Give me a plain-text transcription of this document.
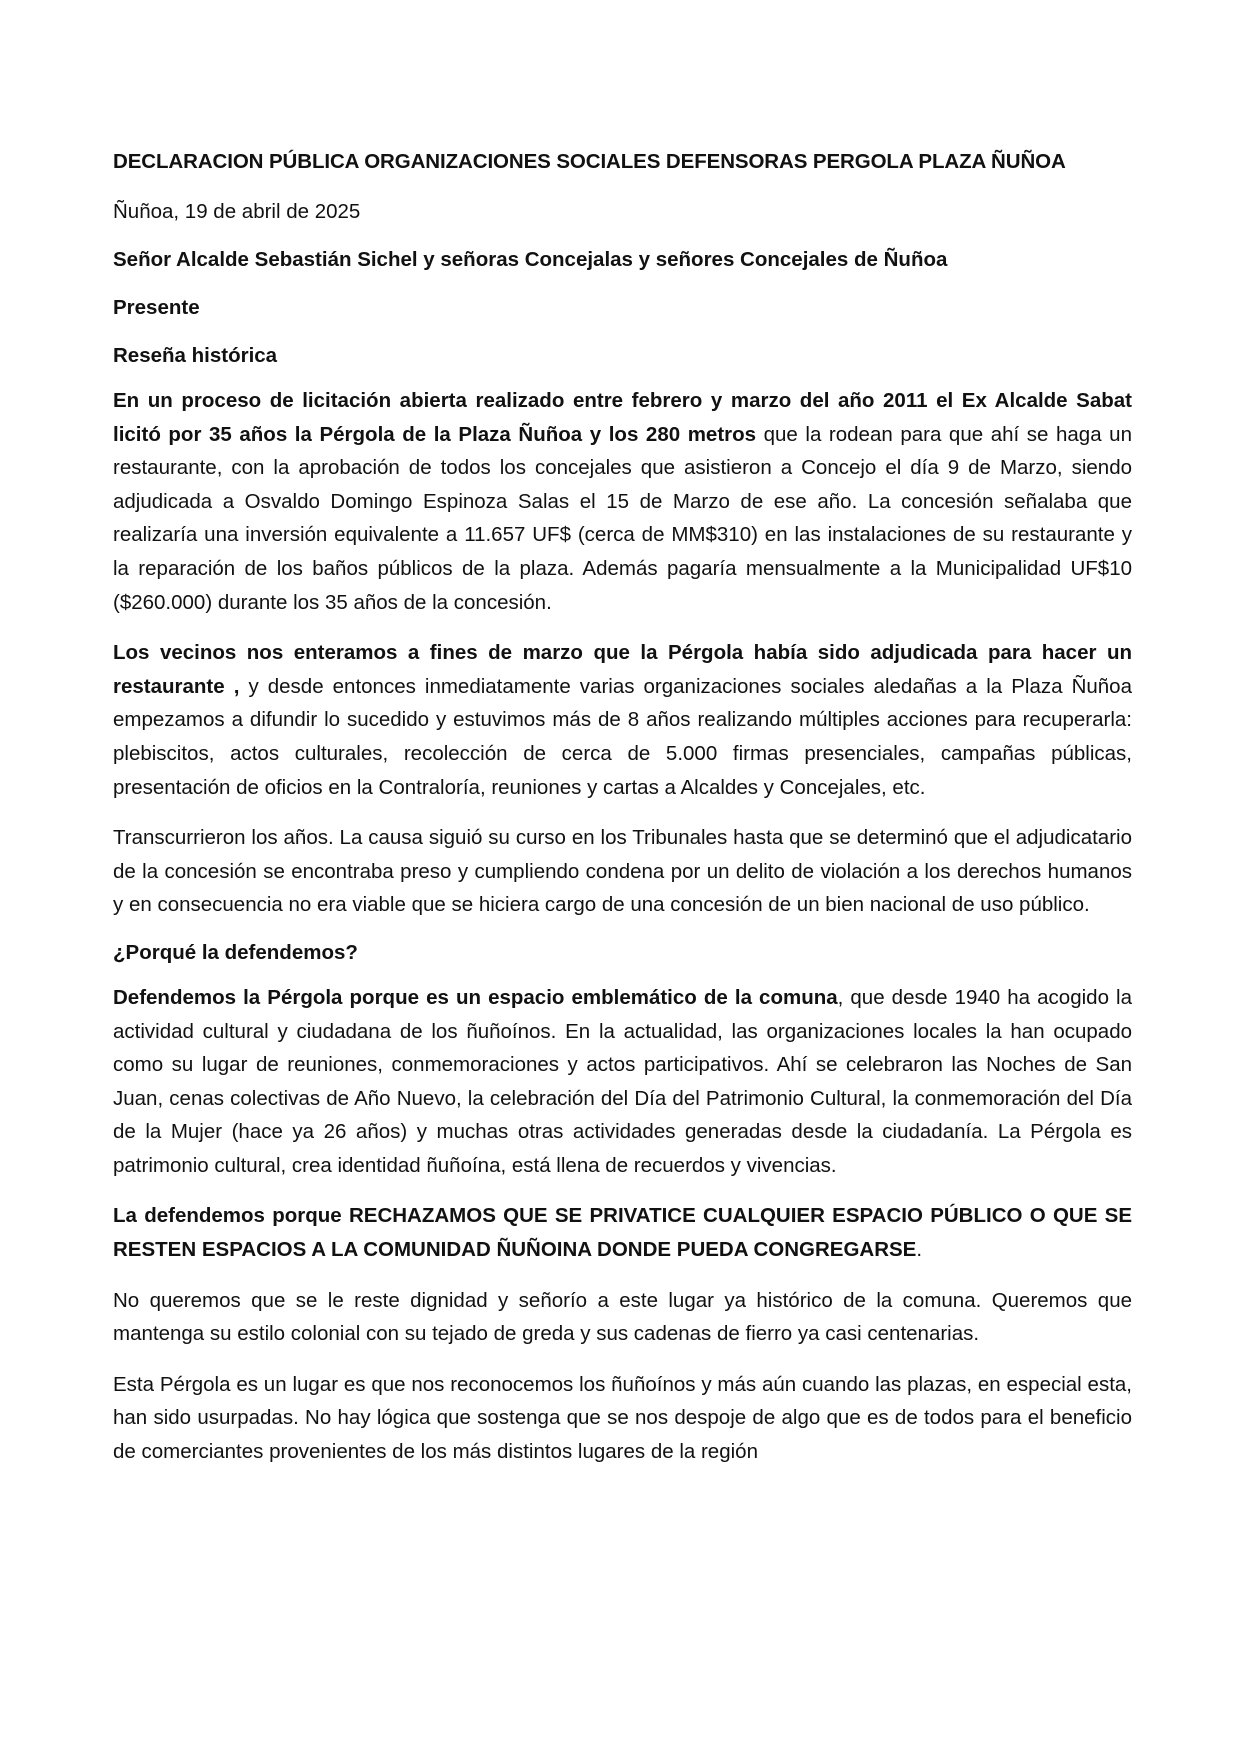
DECLARACION PÚBLICA ORGANIZACIONES SOCIALES DEFENSORAS PERGOLA PLAZA ÑUÑOA
Ñuñoa, 19 de abril de 2025
Señor Alcalde Sebastián Sichel y señoras Concejalas y señores Concejales de Ñuñoa
Presente
Reseña histórica

En un proceso de licitación abierta realizado entre febrero y marzo del año 2011 el Ex Alcalde Sabat licitó por 35 años la Pérgola de la Plaza Ñuñoa y los 280 metros que la rodean para que ahí se haga un restaurante, con la aprobación de todos los concejales que asistieron a Concejo el día 9 de Marzo, siendo adjudicada a Osvaldo Domingo Espinoza Salas el 15 de Marzo de ese año. La concesión señalaba que realizaría una inversión equivalente a 11.657 UF$ (cerca de MM$310) en las instalaciones de su restaurante y la reparación de los baños públicos de la plaza. Además pagaría mensualmente a la Municipalidad UF$10 ($260.000) durante los 35 años de la concesión.

Los vecinos nos enteramos a fines de marzo que la Pérgola había sido adjudicada para hacer un restaurante , y desde entonces inmediatamente varias organizaciones sociales aledañas a la Plaza Ñuñoa empezamos a difundir lo sucedido y estuvimos más de 8 años realizando múltiples acciones para recuperarla: plebiscitos, actos culturales, recolección de cerca de 5.000 firmas presenciales, campañas públicas, presentación de oficios en la Contraloría, reuniones y cartas a Alcaldes y Concejales, etc.

Transcurrieron los años. La causa siguió su curso en los Tribunales hasta que se determinó que el adjudicatario de la concesión se encontraba preso y cumpliendo condena por un delito de violación a los derechos humanos y en consecuencia no era viable que se hiciera cargo de una concesión de un bien nacional de uso público.

¿Porqué la defendemos?

Defendemos la Pérgola porque es un espacio emblemático de la comuna, que desde 1940 ha acogido la actividad cultural y ciudadana de los ñuñoínos. En la actualidad, las organizaciones locales la han ocupado como su lugar de reuniones, conmemoraciones y actos participativos. Ahí se celebraron las Noches de San Juan, cenas colectivas de Año Nuevo, la celebración del Día del Patrimonio Cultural, la conmemoración del Día de la Mujer (hace ya 26 años) y muchas otras actividades generadas desde la ciudadanía. La Pérgola es patrimonio cultural, crea identidad ñuñoína, está llena de recuerdos y vivencias.

La defendemos porque RECHAZAMOS QUE SE PRIVATICE CUALQUIER ESPACIO PÚBLICO O QUE SE RESTEN ESPACIOS A LA COMUNIDAD ÑUÑOINA DONDE PUEDA CONGREGARSE.

No queremos que se le reste dignidad y señorío a este lugar ya histórico de la comuna. Queremos que mantenga su estilo colonial con su tejado de greda y sus cadenas de fierro ya casi centenarias.

Esta Pérgola es un lugar es que nos reconocemos los ñuñoínos y más aún cuando las plazas, en especial esta, han sido usurpadas. No hay lógica que sostenga que se nos despoje de algo que es de todos para el beneficio de comerciantes provenientes de los más distintos lugares de la región
